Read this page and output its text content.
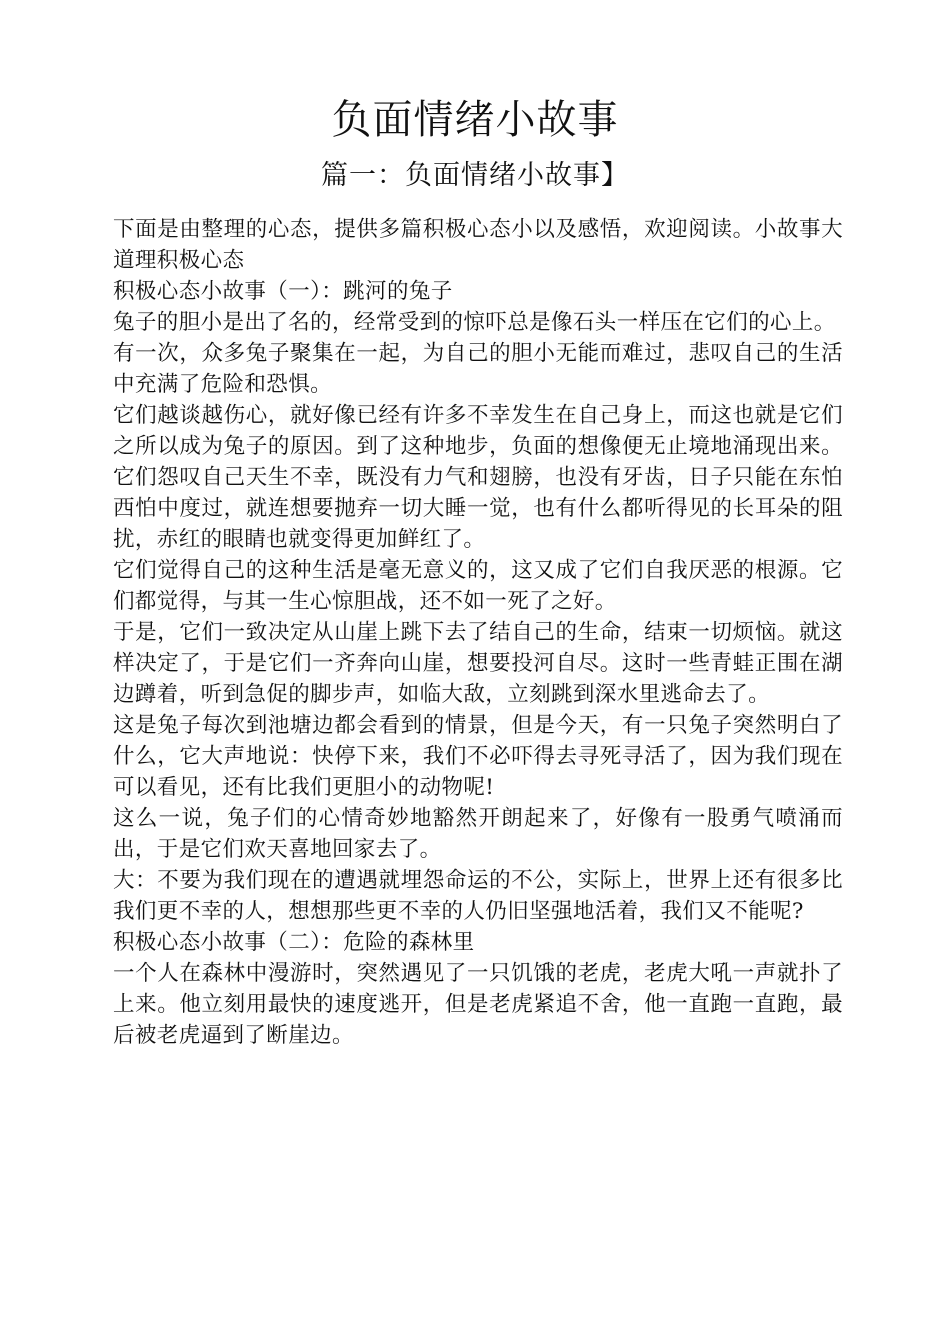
负面情绪小故事
篇一：负面情绪小故事】

下面是由整理的心态，提供多篇积极心态小以及感悟，欢迎阅读。小故事大道理积极心态

积极心态小故事（一）：跳河的兔子

兔子的胆小是出了名的，经常受到的惊吓总是像石头一样压在它们的心上。

有一次，众多兔子聚集在一起，为自己的胆小无能而难过，悲叹自己的生活中充满了危险和恐惧。

它们越谈越伤心，就好像已经有许多不幸发生在自己身上，而这也就是它们之所以成为兔子的原因。到了这种地步，负面的想像便无止境地涌现出来。它们怨叹自己天生不幸，既没有力气和翅膀，也没有牙齿，日子只能在东怕西怕中度过，就连想要抛弃一切大睡一觉，也有什么都听得见的长耳朵的阻扰，赤红的眼睛也就变得更加鲜红了。

它们觉得自己的这种生活是毫无意义的，这又成了它们自我厌恶的根源。它们都觉得，与其一生心惊胆战，还不如一死了之好。

于是，它们一致决定从山崖上跳下去了结自己的生命，结束一切烦恼。就这样决定了，于是它们一齐奔向山崖，想要投河自尽。这时一些青蛙正围在湖边蹲着，听到急促的脚步声，如临大敌，立刻跳到深水里逃命去了。

这是兔子每次到池塘边都会看到的情景，但是今天，有一只兔子突然明白了什么，它大声地说：快停下来，我们不必吓得去寻死寻活了，因为我们现在可以看见，还有比我们更胆小的动物呢!

这么一说，兔子们的心情奇妙地豁然开朗起来了，好像有一股勇气喷涌而出，于是它们欢天喜地回家去了。

大：不要为我们现在的遭遇就埋怨命运的不公，实际上，世界上还有很多比我们更不幸的人，想想那些更不幸的人仍旧坚强地活着，我们又不能呢?

积极心态小故事（二）：危险的森林里

一个人在森林中漫游时，突然遇见了一只饥饿的老虎，老虎大吼一声就扑了上来。他立刻用最快的速度逃开，但是老虎紧追不舍，他一直跑一直跑，最后被老虎逼到了断崖边。
